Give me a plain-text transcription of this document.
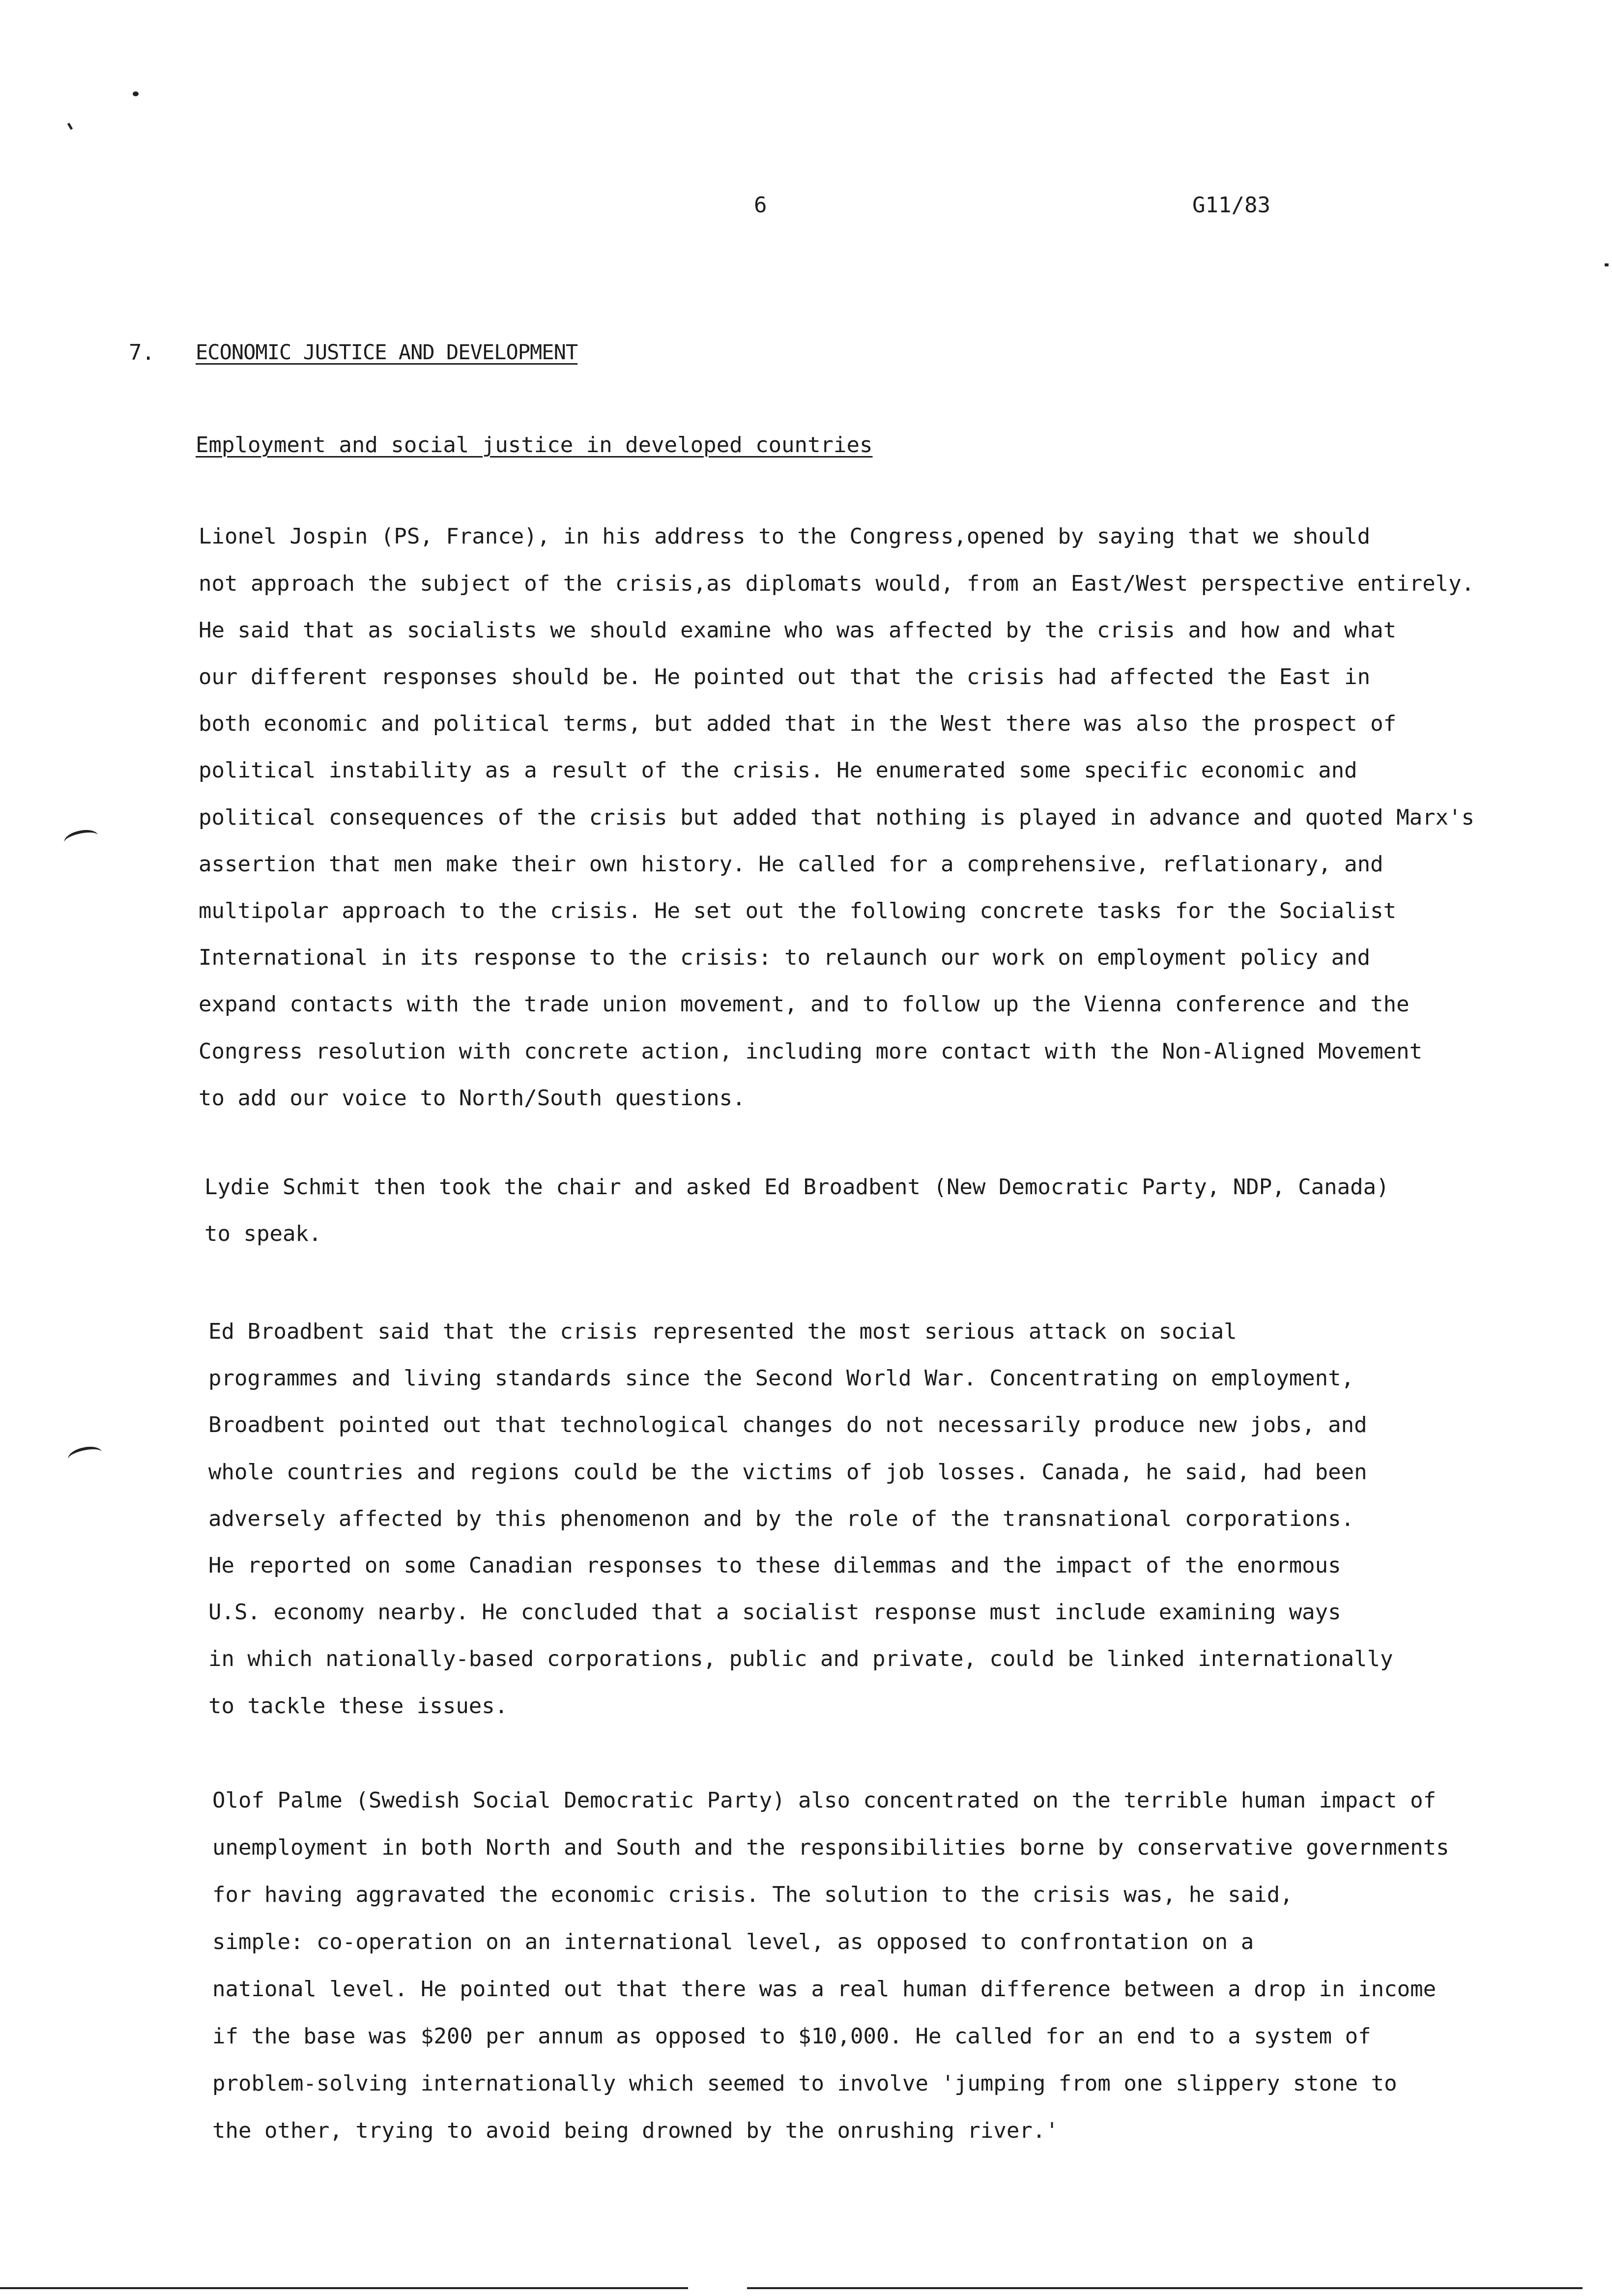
6	G11/83
7. ECONOMIC JUSTICE AND DEVELOPMENT
Employment and social justice in developed countries
Lionel Jospin (PS, France), in his address to the Congress,opened by saying that we should
not approach the subject of the crisis,as diplomats would, from an East/West perspective entirely.
He said that as socialists we should examine who was affected by the crisis and how and what
our different responses should be. He pointed out that the crisis had affected the East in
both economic and political terms, but added that in the West there was also the prospect of
political instability as a result of the crisis. He enumerated some specific economic and
political consequences of the crisis but added that nothing is played in advance and quoted Marx's
assertion that men make their own history. He called for a comprehensive, reflationary, and
multipolar approach to the crisis. He set out the following concrete tasks for the Socialist
International in its response to the crisis: to relaunch our work on employment policy and
expand contacts with the trade union movement, and to follow up the Vienna conference and the
Congress resolution with concrete action, including more contact with the Non-Aligned Movement
to add our voice to North/South questions.
Lydie Schmit then took the chair and asked Ed Broadbent (New Democratic Party, NDP, Canada)
to speak.
Ed Broadbent said that the crisis represented the most serious attack on social
programmes and living standards since the Second World War. Concentrating on employment,
Broadbent pointed out that technological changes do not necessarily produce new jobs, and
whole countries and regions could be the victims of job losses. Canada, he said, had been
adversely affected by this phenomenon and by the role of the transnational corporations.
He reported on some Canadian responses to these dilemmas and the impact of the enormous
U.S. economy nearby. He concluded that a socialist response must include examining ways
in which nationally-based corporations, public and private, could be linked internationally
to tackle these issues.
Olof Palme (Swedish Social Democratic Party) also concentrated on the terrible human impact of
unemployment in both North and South and the responsibilities borne by conservative governments
for having aggravated the economic crisis. The solution to the crisis was, he said,
simple: co-operation on an international level, as opposed to confrontation on a
national level. He pointed out that there was a real human difference between a drop in income
if the base was $200 per annum as opposed to $10,000. He called for an end to a system of
problem-solving internationally which seemed to involve 'jumping from one slippery stone to
the other, trying to avoid being drowned by the onrushing river.'
